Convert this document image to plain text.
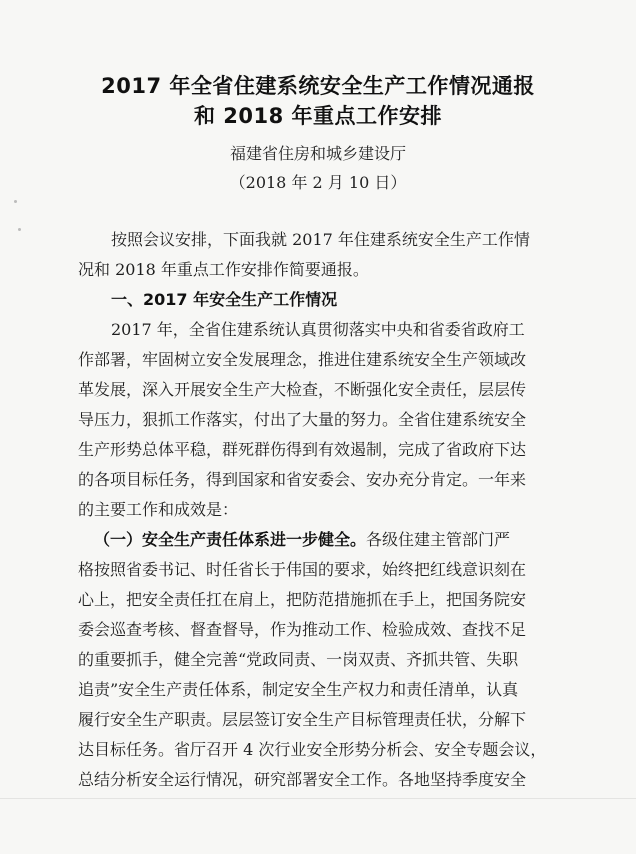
2017 年全省住建系统安全生产工作情况通报
和 2018 年重点工作安排
福建省住房和城乡建设厅
（2018 年 2 月 10 日）
按照会议安排，下面我就 2017 年住建系统安全生产工作情
况和 2018 年重点工作安排作简要通报。
一、2017 年安全生产工作情况
2017 年，全省住建系统认真贯彻落实中央和省委省政府工
作部署，牢固树立安全发展理念，推进住建系统安全生产领域改
革发展，深入开展安全生产大检查，不断强化安全责任，层层传
导压力，狠抓工作落实，付出了大量的努力。全省住建系统安全
生产形势总体平稳，群死群伤得到有效遏制，完成了省政府下达
的各项目标任务，得到国家和省安委会、安办充分肯定。一年来
的主要工作和成效是：
（一）安全生产责任体系进一步健全。各级住建主管部门严
格按照省委书记、时任省长于伟国的要求，始终把红线意识刻在
心上，把安全责任扛在肩上，把防范措施抓在手上，把国务院安
委会巡查考核、督查督导，作为推动工作、检验成效、查找不足
的重要抓手，健全完善“党政同责、一岗双责、齐抓共管、失职
追责”安全生产责任体系，制定安全生产权力和责任清单，认真
履行安全生产职责。层层签订安全生产目标管理责任状，分解下
达目标任务。省厅召开 4 次行业安全形势分析会、安全专题会议，
总结分析安全运行情况，研究部署安全工作。各地坚持季度安全
